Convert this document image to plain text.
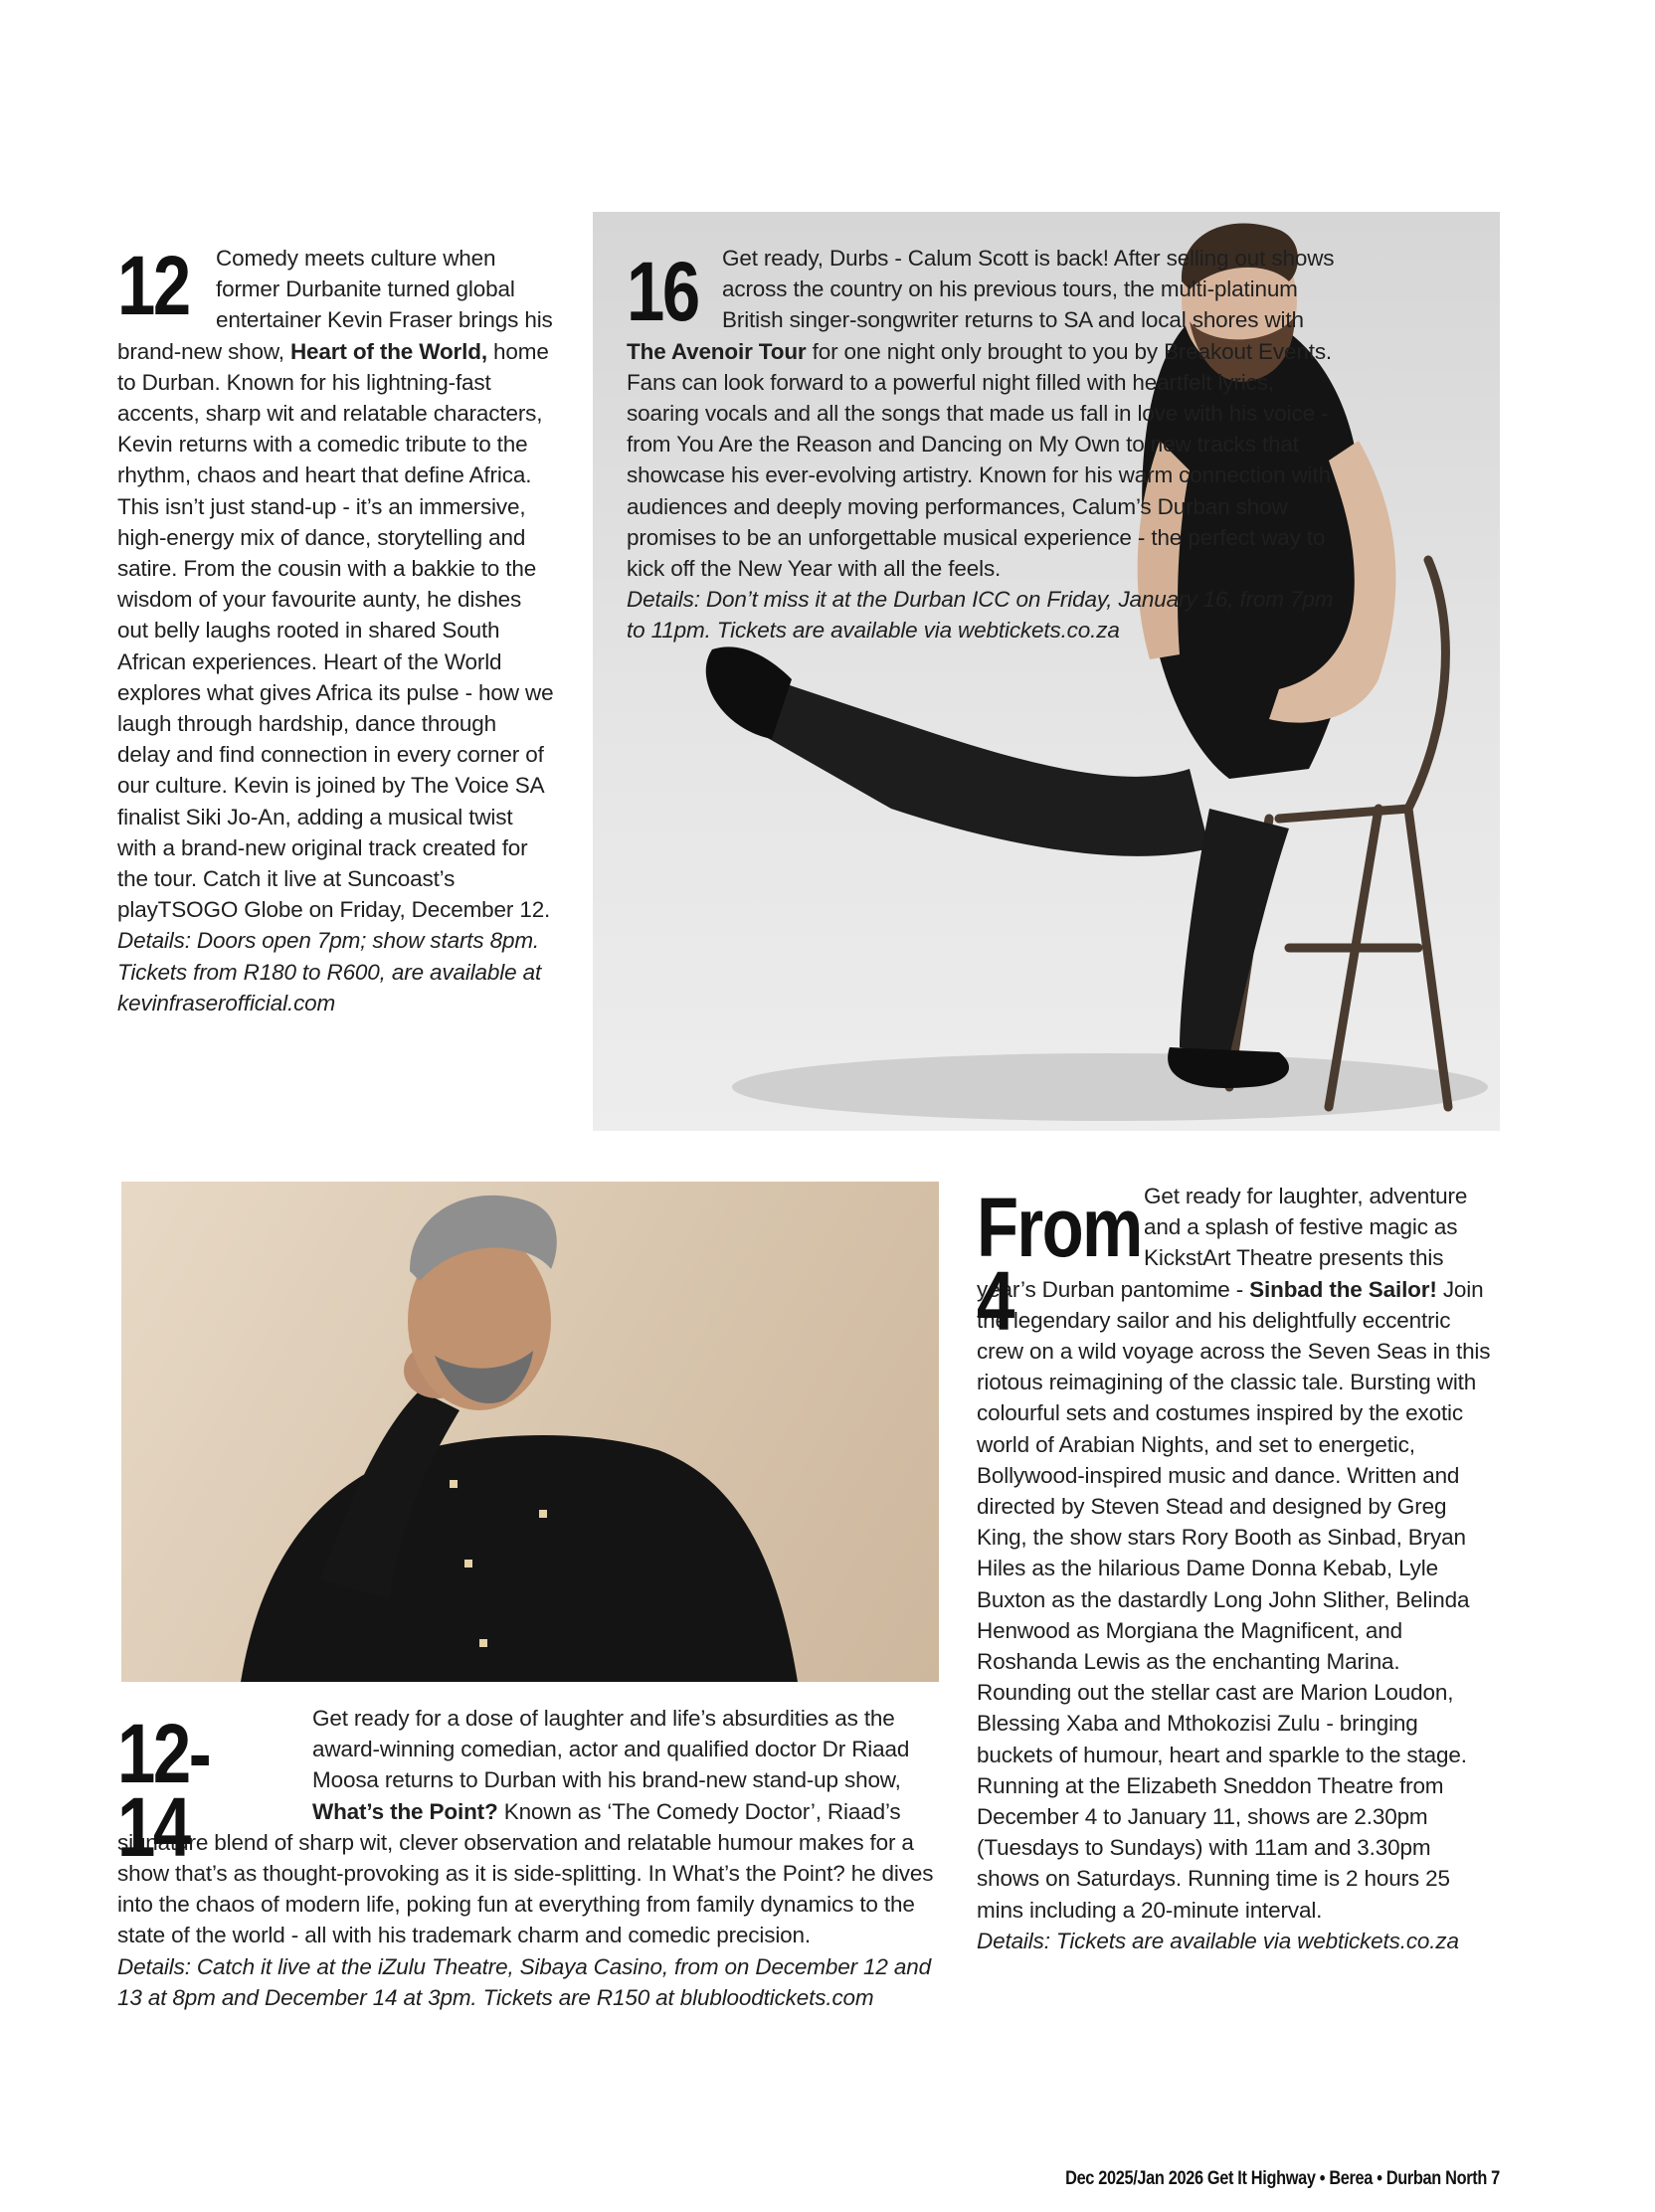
12	Comedy meets culture when former Durbanite turned global entertainer Kevin Fraser brings his brand-new show, Heart of the World, home to Durban. Known for his lightning-fast accents, sharp wit and relatable characters, Kevin returns with a comedic tribute to the rhythm, chaos and heart that define Africa. This isn’t just stand-up - it’s an immersive, high-energy mix of dance, storytelling and satire. From the cousin with a bakkie to the wisdom of your favourite aunty, he dishes out belly laughs rooted in shared South African experiences. Heart of the World explores what gives Africa its pulse - how we laugh through hardship, dance through delay and find connection in every corner of our culture. Kevin is joined by The Voice SA finalist Siki Jo-An, adding a musical twist with a brand-new original track created for the tour. Catch it live at Suncoast’s playTSOGO Globe on Friday, December 12.

Details: Doors open 7pm; show starts 8pm. Tickets from R180 to R600, are available at kevinfraserofficial.com

16	Get ready, Durbs - Calum Scott is back! After selling out shows across the country on his previous tours, the multi-platinum British singer-songwriter returns to SA and local shores with The Avenoir Tour for one night only brought to you by Breakout Events. Fans can look forward to a powerful night filled with heartfelt lyrics, soaring vocals and all the songs that made us fall in love with his voice - from You Are the Reason and Dancing on My Own to new tracks that showcase his ever-evolving artistry. Known for his warm connection with audiences and deeply moving performances, Calum’s Durban show promises to be an unforgettable musical experience - the perfect way to kick off the New Year with all the feels.

Details: Don’t miss it at the Durban ICC on Friday, January 16, from 7pm to 11pm. Tickets are available via webtickets.co.za

From 4

Get ready for laughter, adventure and a splash of festive magic as KickstArt Theatre presents this year’s Durban pantomime - Sinbad the Sailor! Join the legendary sailor and his delightfully eccentric crew on a wild voyage across the Seven Seas in this riotous reimagining of the classic tale. Bursting with colourful sets and costumes inspired by the exotic world of Arabian Nights, and set to energetic, Bollywood-inspired music and dance. Written and directed by Steven Stead and designed by Greg King, the show stars Rory Booth as Sinbad, Bryan Hiles as the hilarious Dame Donna Kebab, Lyle Buxton as the dastardly Long John Slither, Belinda Henwood as Morgiana the Magnificent, and Roshanda Lewis as the enchanting Marina. Rounding out the stellar cast are Marion Loudon, Blessing Xaba and Mthokozisi Zulu - bringing buckets of humour, heart and sparkle to the stage. Running at the Elizabeth Sneddon Theatre from December 4 to January 11, shows are 2.30pm (Tuesdays to Sundays) with 11am and 3.30pm shows on Saturdays. Running time is 2 hours 25 mins including a 20-minute interval.

Details: Tickets are available via webtickets.co.za

12-14

Get ready for a dose of laughter and life’s absurdities as the award-winning comedian, actor and qualified doctor Dr Riaad Moosa returns to Durban with his brand-new stand-up show, What’s the Point? Known as ‘The Comedy Doctor’, Riaad’s signature blend of sharp wit, clever observation and relatable humour makes for a show that’s as thought-provoking as it is side-splitting. In What’s the Point? he dives into the chaos of modern life, poking fun at everything from family dynamics to the state of the world - all with his trademark charm and comedic precision.

Details: Catch it live at the iZulu Theatre, Sibaya Casino, from on December 12 and 13 at 8pm and December 14 at 3pm. Tickets are R150 at blubloodtickets.com

Dec 2025/Jan 2026 Get It Highway • Berea • Durban North 7
